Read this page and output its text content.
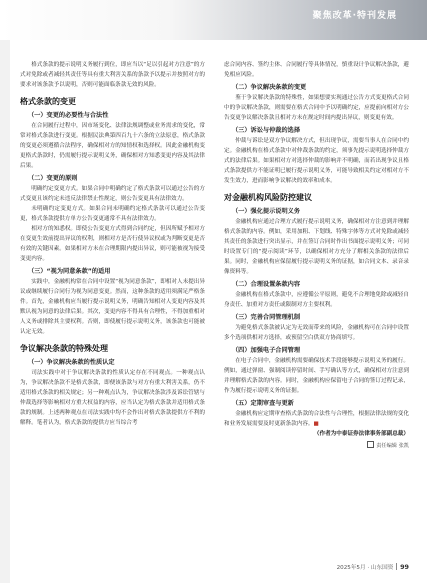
聚焦改革·特刊发展

格式条款的提示说明义务履行到位，即应当以“足以引起对方注意”的方式对免除或者减轻其责任等具有重大利害关系的条款予以提示并按照对方的要求对该条款予以说明，否则可能面临条款无效的风险。

格式条款的变更
（一）变更的必要性与合法性

在合同履行过程中，因市场变化、法律法规调整或业务需求的变化，常常对格式条款进行变更。根据民法典第四百九十六条的立法原意，格式条款的变更必须遵循合法程序，确保相对方的知情权和选择权。因此金融机构变更格式条款时，仍需履行提示说明义务，确保相对方知悉变更内容及其法律后果。

（二）变更的原则

明确约定变更方式。如果合同中明确约定了格式条款可以通过公告的方式变更且该约定未违反法律禁止性规定，则公告变更具有法律效力。

未明确约定变更方式。如果合同未明确约定格式条款可以通过公告变更，格式条款提供方单方公告变更通常不具有法律效力。

相对方的知悉权。即使公告变更方式得到合同约定，但因所赋予相对方在变更生效前提出异议的权利，则相对方是否行使异议权或为判断变更是否有效的关键因素。如果相对方未在合理期限内提出异议，则可能被视为接受变更内容。

（三）“视为同意条款”的适用

实践中，金融机构常在合同中设置“视为同意条款”，即相对人未提出异议或继续履行合同行为视为同意变更。然而，这种条款的适用须满足严格条件。首先，金融机构应当履行提示说明义务，明确告知相对人变更内容及其默认视为同意的法律后果。其次，变更内容不得具有合理性，不得加重相对人义务或排除其主要权利。否则，即使履行提示说明义务，该条款也可能被认定无效。

争议解决条款的特殊处理
（一）争议解决条款的性质认定

司法实践中对于争议解决条款的性质认定存在不同观点。一种观点认为，争议解决条款不是格式条款，即便该条款与对方有重大利害关系，仍不适用格式条款的相关规定；另一种观点认为，争议解决条款涉及诉讼管辖与仲裁选择等影响相对方重大权益的内容，应当认定为格式条款并适用格式条款的规制。上述两种观点在司法实践中均不会作出对格式条款提供方不利的解释。笔者认为，格式条款的提供方应当综合考

虑合同内容、签约主体、合同履行等具体情况，慎重设计争议解决条款，避免相应风险。

（二）争议解决条款的变更

鉴于争议解决条款的特殊性，如果想要实现通过公告方式变更格式合同中的争议解决条款，则需要在格式合同中予以明确约定，应提前向相对方公告变更争议解决条款且相对方未在规定时间内提出异议，则变更有效。

（三）诉讼与仲裁的选择

仲裁与诉讼是双方争议解决方式，但出现争议，需要当事人在合同中约定。金融机构在格式条款中对仲裁条款的约定，须事先提示说明选择仲裁方式的法律后果。如果相对方对选择仲裁的影响并不明确，而若出现争议且格式条款提供方不能证明已履行提示说明义务，可能导致相关约定对相对方不发生效力，进而影响争议解决的效率和成本。

对金融机构风险防控建议
（一）强化提示说明义务

金融机构应通过合理方式履行提示说明义务，确保相对方注意到并理解格式条款的内容。例如，采用加粗、下划线、特殊字体等方式对免除或减轻其责任的条款进行突出显示，并在签订合同时作出书面提示说明义务；可同时设置专门的“提示阅读”环节，以确保相对方充分了解相关条款的法律后果。同时，金融机构应保留履行提示说明义务的证据，如合同文本、录音录像资料等。

（二）合理设置条款内容

金融机构在格式条款中，应遵循公平原则，避免不合理地免除或减轻自身责任、加重对方责任或限制对方主要权利。

（三）完善合同管理机制

为避免格式条款被认定为无效而带来的风险，金融机构可在合同中设置多个选项供相对方选择，或预留空白供双方协商填写。

（四）加强电子合同管理

在电子合同中，金融机构需要确保技术手段能够提示说明义务的履行。例如，通过弹窗、强制阅读停留时间、手写确认等方式，确保相对方注意到并理解格式条款的内容。同时，金融机构应保留电子合同的签订过程记录，作为履行提示说明义务的证据。

（五）定期审查与更新

金融机构应定期审查格式条款的合法性与合理性，根据法律法规的变化和业务发展需要及时更新条款内容。■

（作者为中泰证券法律事务部副总裁）

责任编辑 张凯

2025年5月 · 山东国资 99
